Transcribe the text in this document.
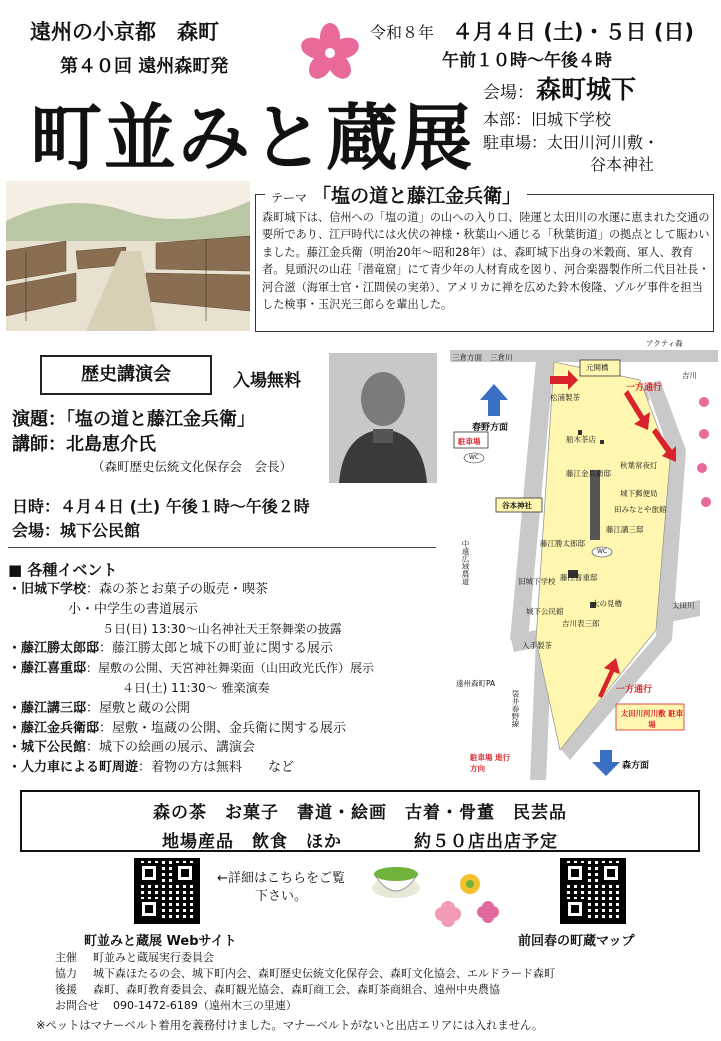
遠州の小京都　森町
第４０回 遠州森町発
町並みと蔵展
令和８年 ４月４日 (土)・５日 (日)
午前１０時～午後４時
会場： 森町城下
本部：旧城下学校
駐車場：太田川河川敷・
谷本神社
テーマ 「塩の道と藤江金兵衛」
森町城下は、信州への「塩の道」の山への入り口、陸運と太田川の水運に恵まれた交通の要所であり、江戸時代には火伏の神様・秋葉山へ通じる「秋葉街道」の拠点として賑わいました。藤江金兵衛（明治20年～昭和28年）は、森町城下出身の米穀商、軍人、教育者。見頭沢の山荘「潜竜窟」にて青少年の人材育成を図り、河合楽器製作所二代目社長・河合滋（海軍士官・江間侯の実弟）、アメリカに禅を広めた鈴木俊隆、ゾルゲ事件を担当した検事・玉沢光三郎らを輩出した。
歴史講演会	入場無料
演題：「塩の道と藤江金兵衛」
講師：北島恵介氏
（森町歴史伝統文化保存会　会長）
日時：４月４日 (土) 午後１時～午後２時
会場：城下公民館
■ 各種イベント
・旧城下学校：森の茶とお菓子の販売・喫茶
小・中学生の書道展示
５日(日) 13:30～山名神社天王祭舞楽の披露
・藤江勝太郎邸：藤江勝太郎と城下の町並に関する展示
・藤江喜重邸：屋敷の公開、天宮神社舞楽面（山田政光氏作）展示
４日(土) 11:30～ 雅楽演奏
・藤江講三邸：屋敷と蔵の公開
・藤江金兵衛邸：屋敷・塩蔵の公開、金兵衛に関する展示
・城下公民館：城下の絵画の展示、講演会
・人力車による町周遊：着物の方は無料　　など
三倉方面 三倉川
アクティ森
元開橋
一方通行
吉川
春野方面
松浦製茶
船木茶店
駐車場
WC
谷本神社
藤江金兵衛邸
秋葉常夜灯
城下郵便局
田みなとや旅館
藤江講三邸
藤江勝太郎邸
藤江喜重邸
WC
中遠広域農道	旧城下学校
城下公民館
大の見櫓
吉川表三郎
入手製茶
太田川
一方通行
太田川河川敷 駐車場
遠州森町PA
袋井春野線
駐車場 進行方向	森方面
森の茶　お菓子　書道・絵画　古着・骨董　民芸品
地場産品　飲食　ほか　　　　約５０店出店予定
町並みと蔵展 Webサイト
←詳細はこちらをご覧下さい。
前回春の町蔵マップ
主催 町並みと蔵展実行委員会
協力 城下森ほたるの会、城下町内会、森町歴史伝統文化保存会、森町文化協会、エルドラード森町
後援 森町、森町教育委員会、森町観光協会、森町商工会、森町茶商組合、遠州中央農協
お問合せ 090-1472-6189（遠州木三の里連）
※ペットはマナーベルト着用を義務付けました。マナーベルトがないと出店エリアには入れません。
